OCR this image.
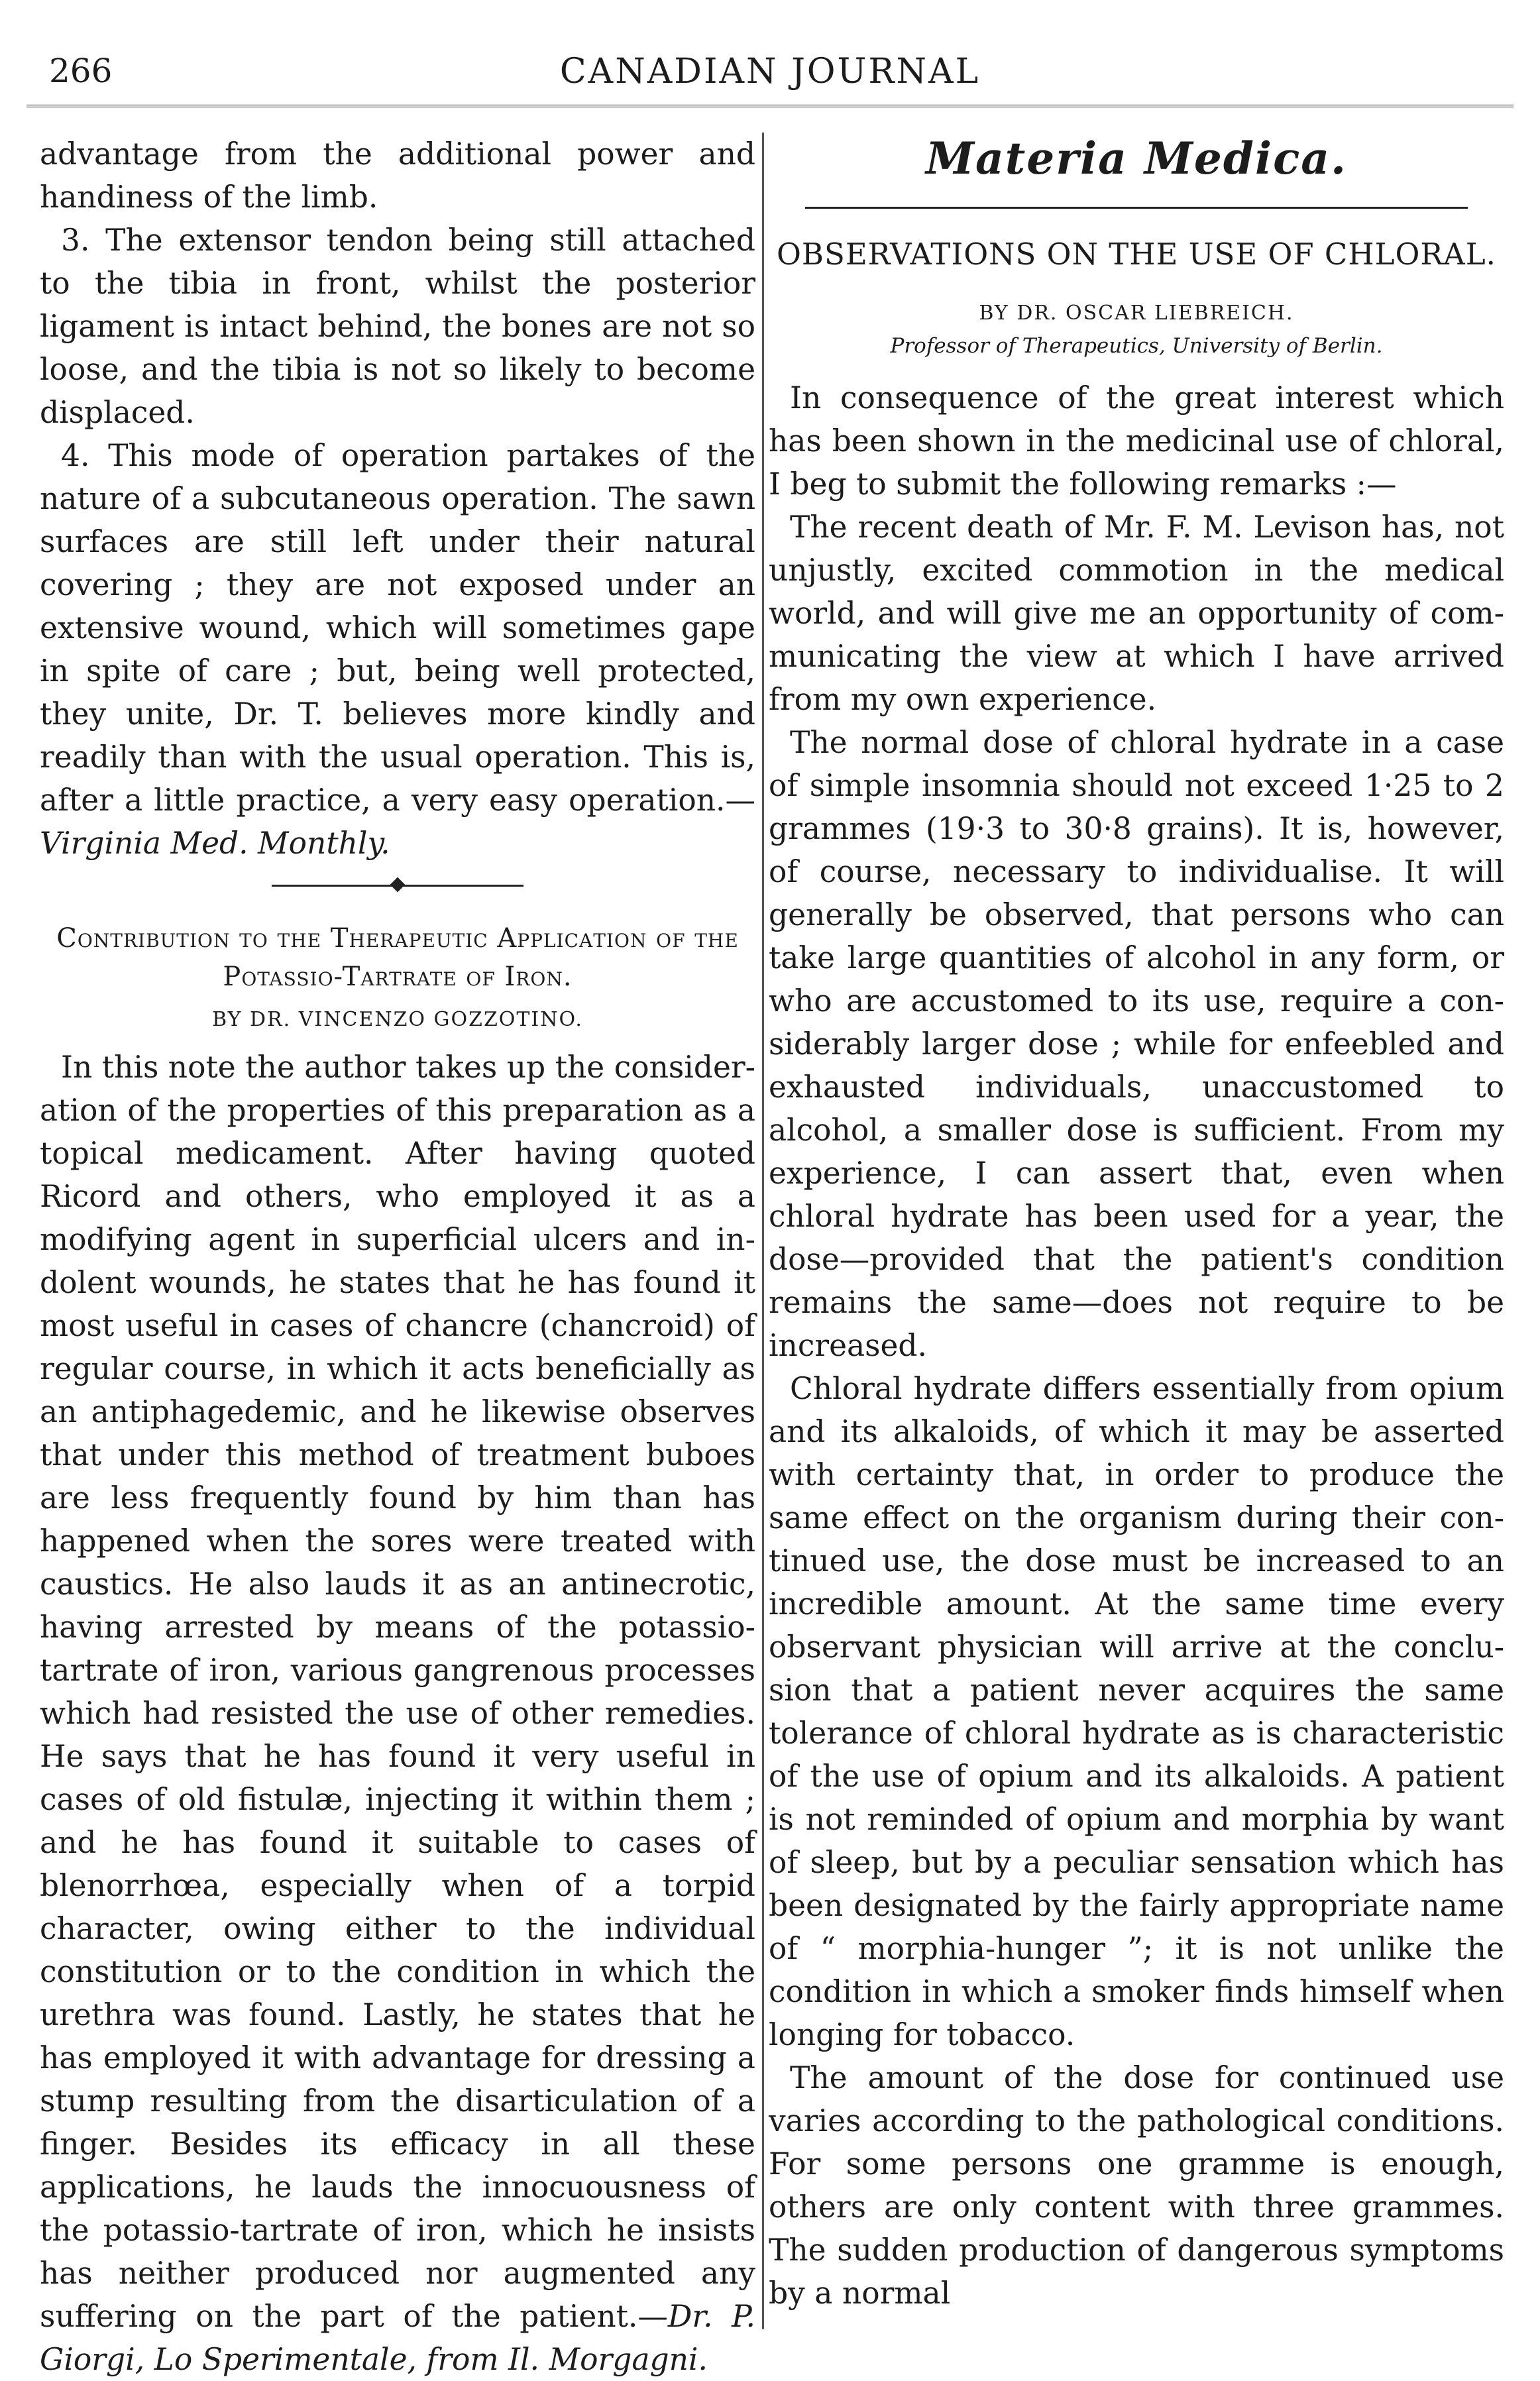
266	CANADIAN JOURNAL

advantage from the additional power and handiness of the limb.

3. The extensor tendon being still attached to the tibia in front, whilst the posterior ligament is intact behind, the bones are not so loose, and the tibia is not so likely to become displaced.

4. This mode of operation partakes of the nature of a subcutaneous operation. The sawn surfaces are still left under their natural covering ; they are not exposed under an extensive wound, which will sometimes gape in spite of care ; but, being well protected, they unite, Dr. T. believes more kindly and readily than with the usual operation. This is, after a little practice, a very easy operation.—Virginia Med. Monthly.

Contribution to the Therapeutic Application of the Potassio-Tartrate of Iron.
BY DR. VINCENZO GOZZOTINO.

In this note the author takes up the consideration of the properties of this preparation as a topical medicament. After having quoted Ricord and others, who employed it as a modifying agent in superficial ulcers and indolent wounds, he states that he has found it most useful in cases of chancre (chancroid) of regular course, in which it acts beneficially as an antiphagedemic, and he likewise observes that under this method of treatment buboes are less frequently found by him than has happened when the sores were treated with caustics. He also lauds it as an antinecrotic, having arrested by means of the potassio-tartrate of iron, various gangrenous processes which had resisted the use of other remedies. He says that he has found it very useful in cases of old fistulæ, injecting it within them ; and he has found it suitable to cases of blenorrhœa, especially when of a torpid character, owing either to the individual constitution or to the condition in which the urethra was found. Lastly, he states that he has employed it with advantage for dressing a stump resulting from the disarticulation of a finger. Besides its efficacy in all these applications, he lauds the innocuousness of the potassio-tartrate of iron, which he insists has neither produced nor augmented any suffering on the part of the patient.—Dr. P. Giorgi, Lo Sperimentale, from Il. Morgagni.

Materia Medica.
OBSERVATIONS ON THE USE OF CHLORAL.
BY DR. OSCAR LIEBREICH.
Professor of Therapeutics, University of Berlin.

In consequence of the great interest which has been shown in the medicinal use of chloral, I beg to submit the following remarks :—

The recent death of Mr. F. M. Levison has, not unjustly, excited commotion in the medical world, and will give me an opportunity of communicating the view at which I have arrived from my own experience.

The normal dose of chloral hydrate in a case of simple insomnia should not exceed 1·25 to 2 grammes (19·3 to 30·8 grains). It is, however, of course, necessary to individualise. It will generally be observed, that persons who can take large quantities of alcohol in any form, or who are accustomed to its use, require a considerably larger dose ; while for enfeebled and exhausted individuals, unaccustomed to alcohol, a smaller dose is sufficient. From my experience, I can assert that, even when chloral hydrate has been used for a year, the dose—provided that the patient's condition remains the same—does not require to be increased.

Chloral hydrate differs essentially from opium and its alkaloids, of which it may be asserted with certainty that, in order to produce the same effect on the organism during their continued use, the dose must be increased to an incredible amount. At the same time every observant physician will arrive at the conclusion that a patient never acquires the same tolerance of chloral hydrate as is characteristic of the use of opium and its alkaloids. A patient is not reminded of opium and morphia by want of sleep, but by a peculiar sensation which has been designated by the fairly appropriate name of “ morphia-hunger ”; it is not unlike the condition in which a smoker finds himself when longing for tobacco.

The amount of the dose for continued use varies according to the pathological conditions. For some persons one gramme is enough, others are only content with three grammes. The sudden production of dangerous symptoms by a normal
